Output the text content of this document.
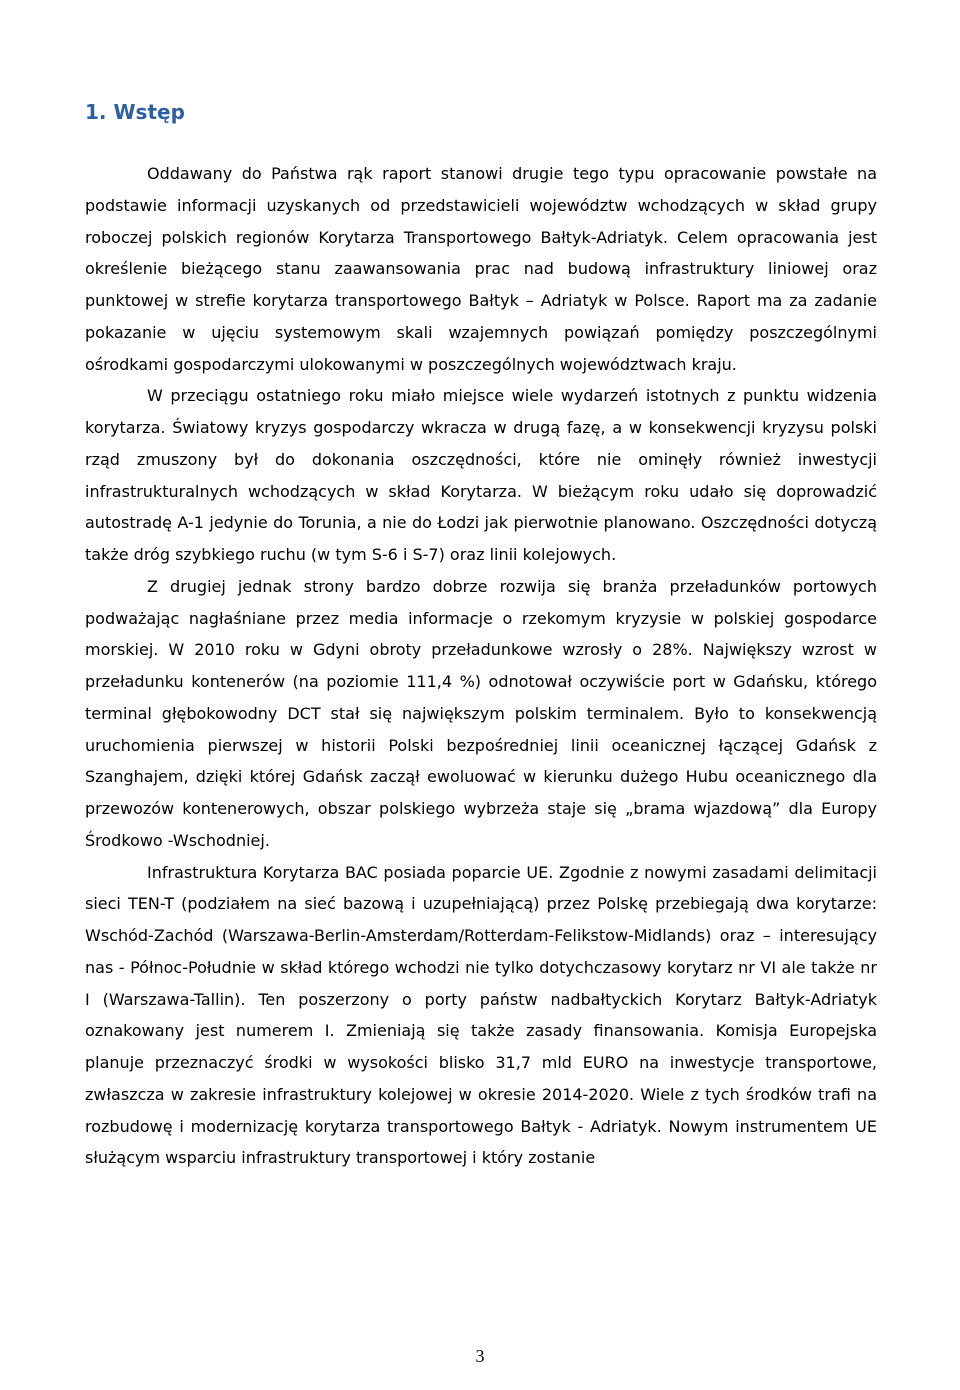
1. Wstęp

Oddawany do Państwa rąk raport stanowi drugie tego typu opracowanie powstałe na podstawie informacji uzyskanych od przedstawicieli województw wchodzących w skład grupy roboczej polskich regionów Korytarza Transportowego Bałtyk-Adriatyk. Celem opracowania jest określenie bieżącego stanu zaawansowania prac nad budową infrastruktury liniowej oraz punktowej w strefie korytarza transportowego Bałtyk – Adriatyk w Polsce. Raport ma za zadanie pokazanie w ujęciu systemowym skali wzajemnych powiązań pomiędzy poszczególnymi ośrodkami gospodarczymi ulokowanymi w poszczególnych województwach kraju.

W przeciągu ostatniego roku miało miejsce wiele wydarzeń istotnych z punktu widzenia korytarza. Światowy kryzys gospodarczy wkracza w drugą fazę, a w konsekwencji kryzysu polski rząd zmuszony był do dokonania oszczędności, które nie ominęły również inwestycji infrastrukturalnych wchodzących w skład Korytarza. W bieżącym roku udało się doprowadzić autostradę A-1 jedynie do Torunia, a nie do Łodzi jak pierwotnie planowano. Oszczędności dotyczą także dróg szybkiego ruchu (w tym S-6 i S-7) oraz linii kolejowych.

Z drugiej jednak strony bardzo dobrze rozwija się branża przeładunków portowych podważając nagłaśniane przez media informacje o rzekomym kryzysie w polskiej gospodarce morskiej. W 2010 roku w Gdyni obroty przeładunkowe wzrosły o 28%. Największy wzrost w przeładunku kontenerów (na poziomie 111,4 %) odnotował oczywiście port w Gdańsku, którego terminal głębokowodny DCT stał się największym polskim terminalem. Było to konsekwencją uruchomienia pierwszej w historii Polski bezpośredniej linii oceanicznej łączącej Gdańsk z Szanghajem, dzięki której Gdańsk zaczął ewoluować w kierunku dużego Hubu oceanicznego dla przewozów kontenerowych, obszar polskiego wybrzeża staje się „brama wjazdową” dla Europy Środkowo -Wschodniej.

Infrastruktura Korytarza BAC posiada poparcie UE. Zgodnie z nowymi zasadami delimitacji sieci TEN-T (podziałem na sieć bazową i uzupełniającą) przez Polskę przebiegają dwa korytarze: Wschód-Zachód (Warszawa-Berlin-Amsterdam/Rotterdam-Felikstow-Midlands) oraz – interesujący nas - Północ-Południe w skład którego wchodzi nie tylko dotychczasowy korytarz nr VI ale także nr I (Warszawa-Tallin). Ten poszerzony o porty państw nadbałtyckich Korytarz Bałtyk-Adriatyk oznakowany jest numerem I. Zmieniają się także zasady finansowania. Komisja Europejska planuje przeznaczyć środki w wysokości blisko 31,7 mld EURO na inwestycje transportowe, zwłaszcza w zakresie infrastruktury kolejowej w okresie 2014-2020. Wiele z tych środków trafi na rozbudowę i modernizację korytarza transportowego Bałtyk - Adriatyk. Nowym instrumentem UE służącym wsparciu infrastruktury transportowej i który zostanie

3
